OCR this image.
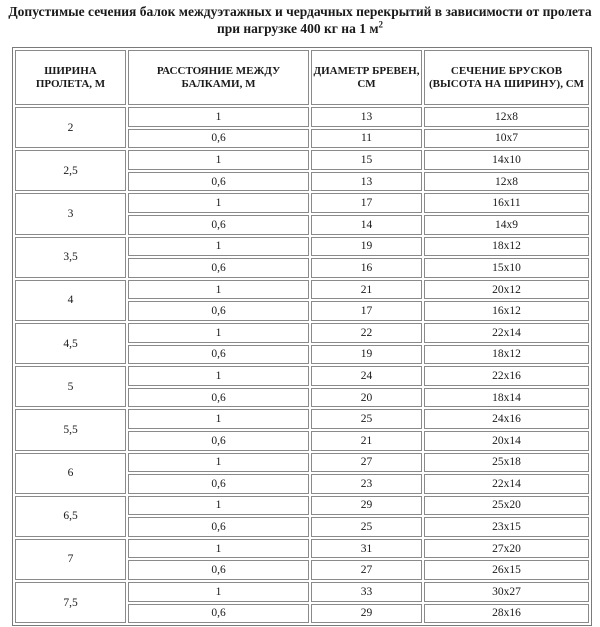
Допустимые сечения балок междуэтажных и чердачных перекрытий в зависимости от пролета при нагрузке 400 кг на 1 $м^2$
ШИРИНА ПРОЛЕТА, М	РАССТОЯНИЕ МЕЖДУ БАЛКАМИ, М	ДИАМЕТР БРЕВЕН, СМ	СЕЧЕНИЕ БРУСКОВ (ВЫСОТА НА ШИРИНУ), СМ
2	1	13	12x8
	0,6	11	10x7
2,5	1	15	14x10
	0,6	13	12x8
3	1	17	16x11
	0,6	14	14x9
3,5	1	19	18x12
	0,6	16	15x10
4	1	21	20x12
	0,6	17	16x12
4,5	1	22	22x14
	0,6	19	18x12
5	1	24	22x16
	0,6	20	18x14
5,5	1	25	24x16
	0,6	21	20x14
6	1	27	25x18
	0,6	23	22x14
6,5	1	29	25x20
	0,6	25	23x15
7	1	31	27x20
	0,6	27	26x15
7,5	1	33	30x27
	0,6	29	28x16
